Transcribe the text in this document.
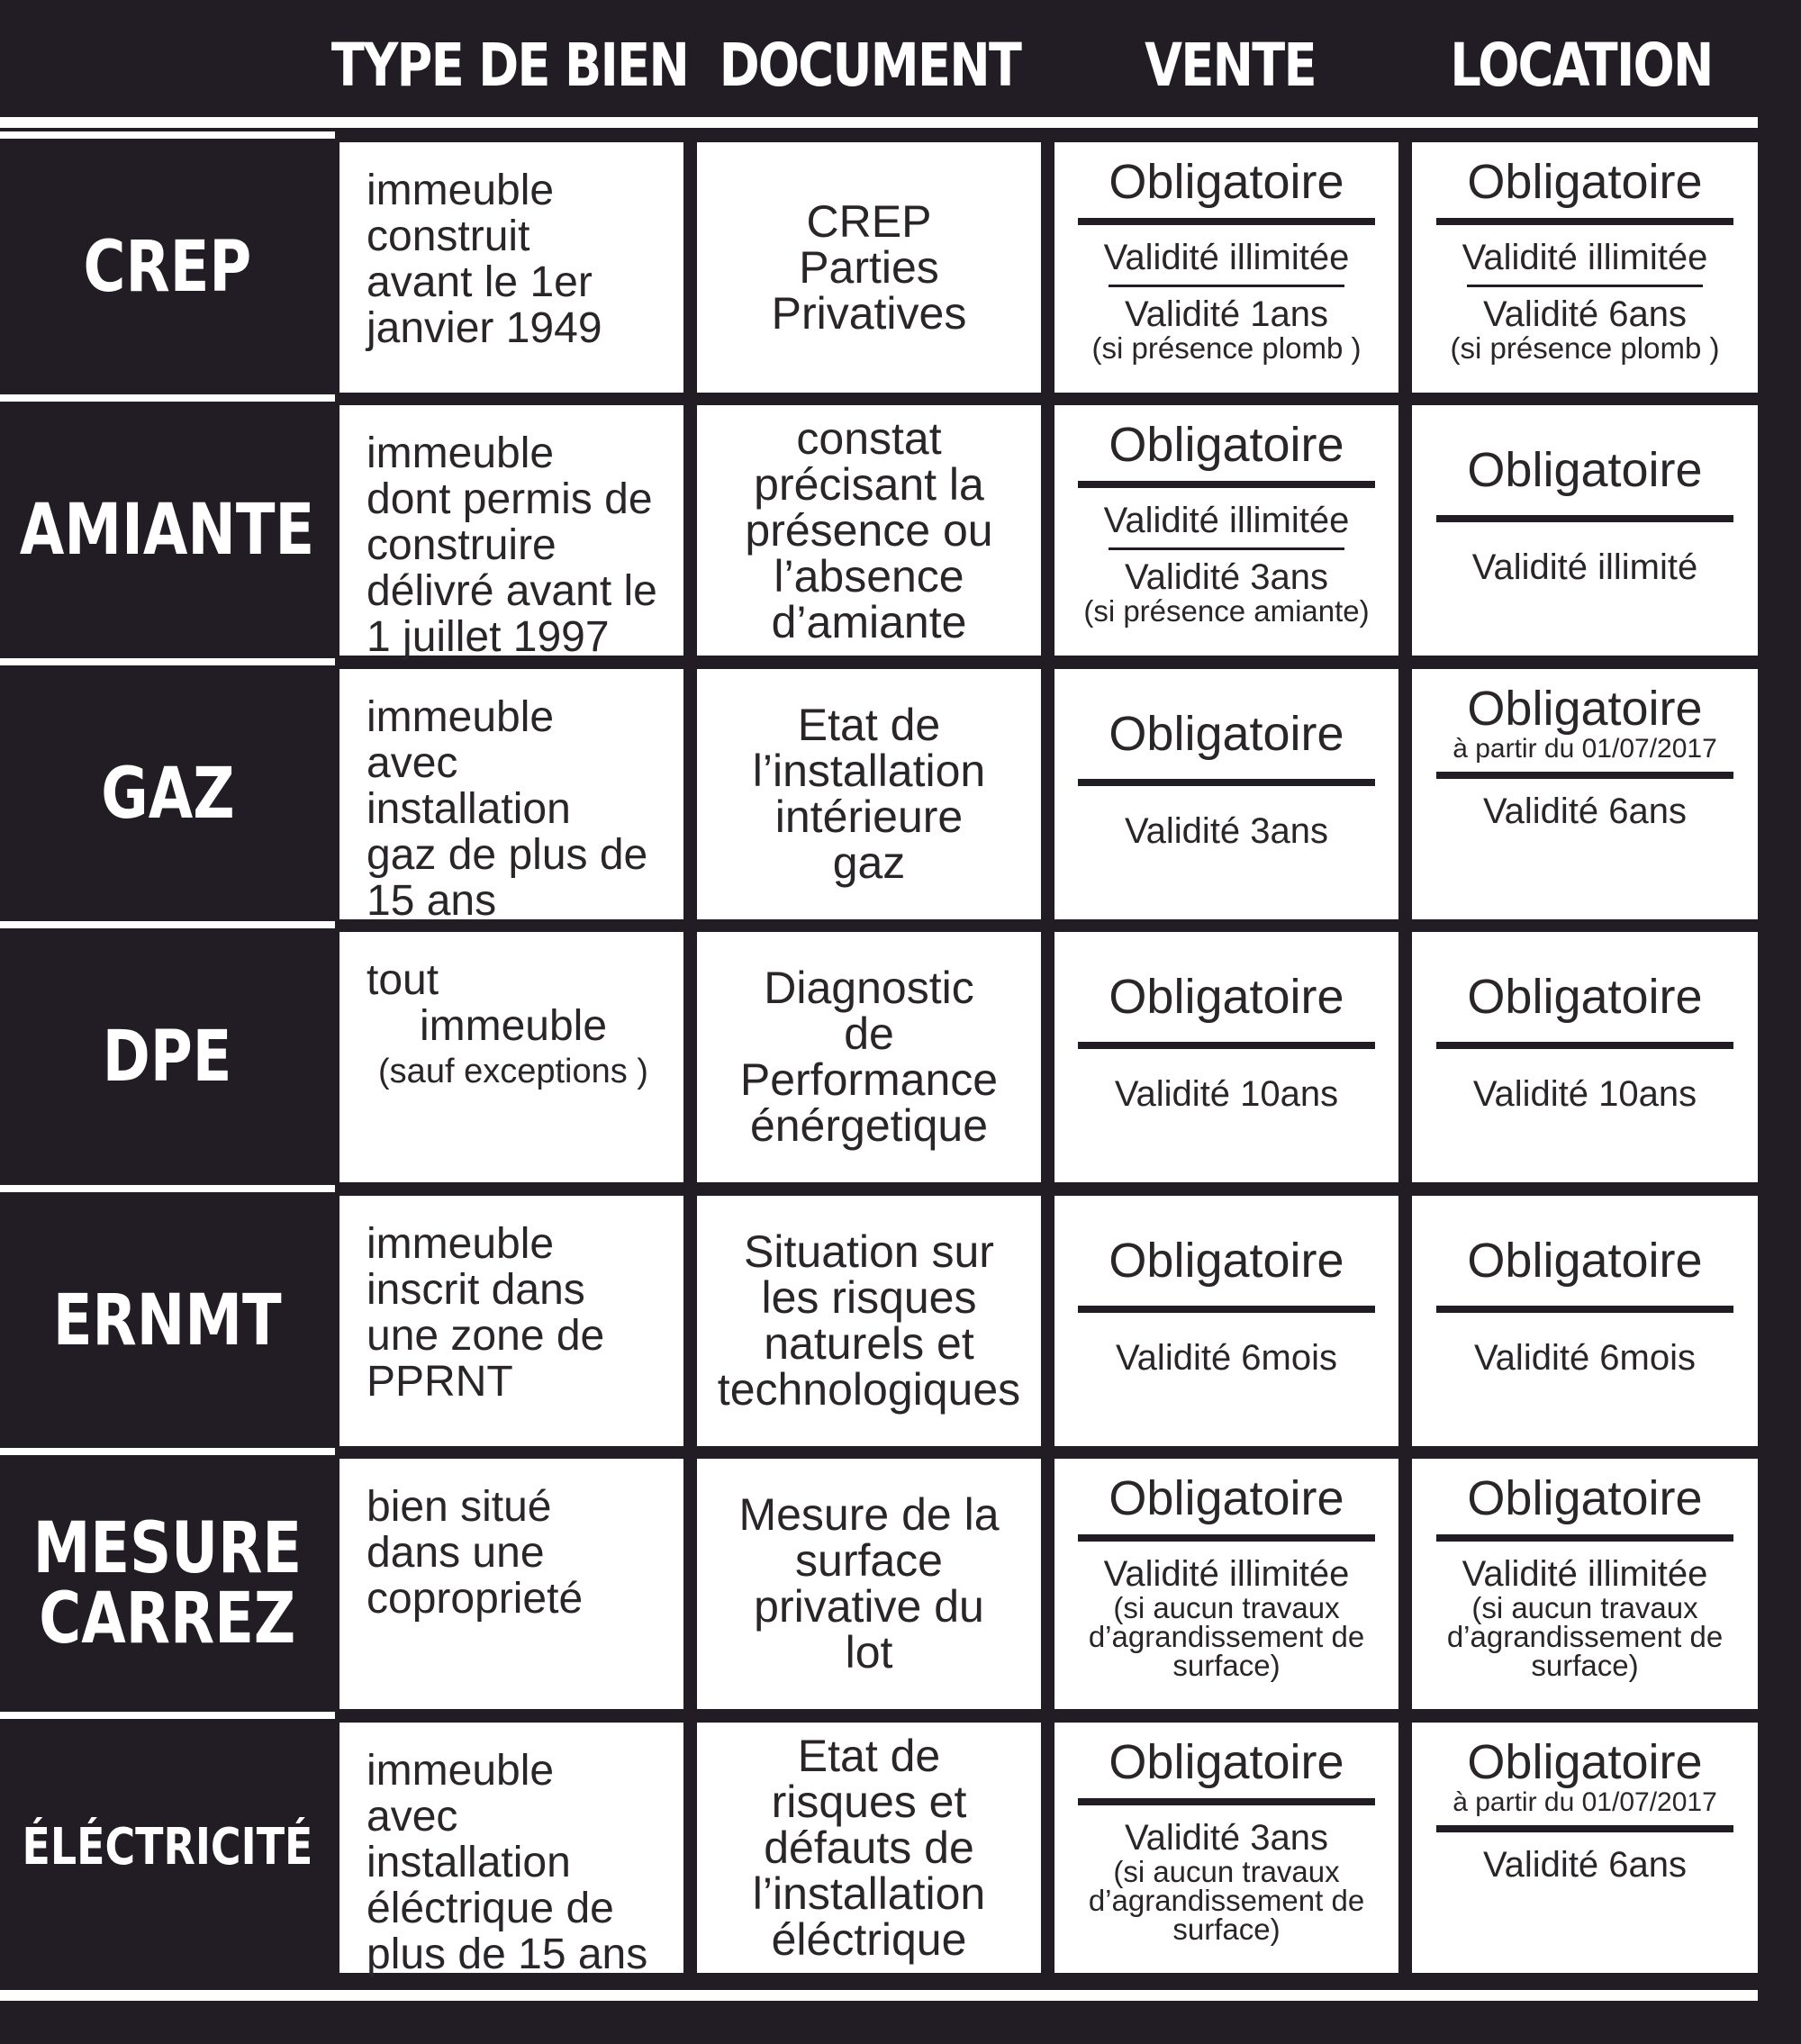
TYPE DE BIEN DOCUMENT	VENTE	LOCATION
CREP
immeuble
construit
avant le 1er
janvier 1949
CREP
Parties
Privatives
Obligatoire
Validité illimitée
Validité 1ans
(si présence plomb )
Obligatoire
Validité illimitée
Validité 6ans
(si présence plomb )
AMIANTE
immeuble
dont permis de
construire
délivré avant le
1 juillet 1997
constat
précisant la
présence ou
l’absence
d’amiante
Obligatoire
Validité illimitée
Validité 3ans
(si présence amiante)
Obligatoire
Validité illimité
GAZ
immeuble
avec
installation
gaz de plus de
15 ans
Etat de
l’installation
intérieure
gaz
Obligatoire
Validité 3ans
Obligatoire
à partir du 01/07/2017
Validité 6ans
DPE
tout
immeuble
(sauf exceptions )
Diagnostic
de
Performance
énérgetique
Obligatoire
Validité 10ans
Obligatoire
Validité 10ans
ERNMT
immeuble
inscrit dans
une zone de
PPRNT
Situation sur
les risques
naturels et
technologiques
Obligatoire
Validité 6mois
Obligatoire
Validité 6mois
MESURE
CARREZ
bien situé
dans une
coproprieté
Mesure de la
surface
privative du
lot
Obligatoire
Validité illimitée
(si aucun travaux
d’agrandissement de surface)
Obligatoire
Validité illimitée
(si aucun travaux
d’agrandissement de surface)
ÉLÉCTRICITÉ
immeuble
avec
installation
éléctrique de
plus de 15 ans
Etat de
risques et
défauts de
l’installation
éléctrique
Obligatoire
Validité 3ans
(si aucun travaux
d’agrandissement de surface)
Obligatoire
à partir du 01/07/2017
Validité 6ans
